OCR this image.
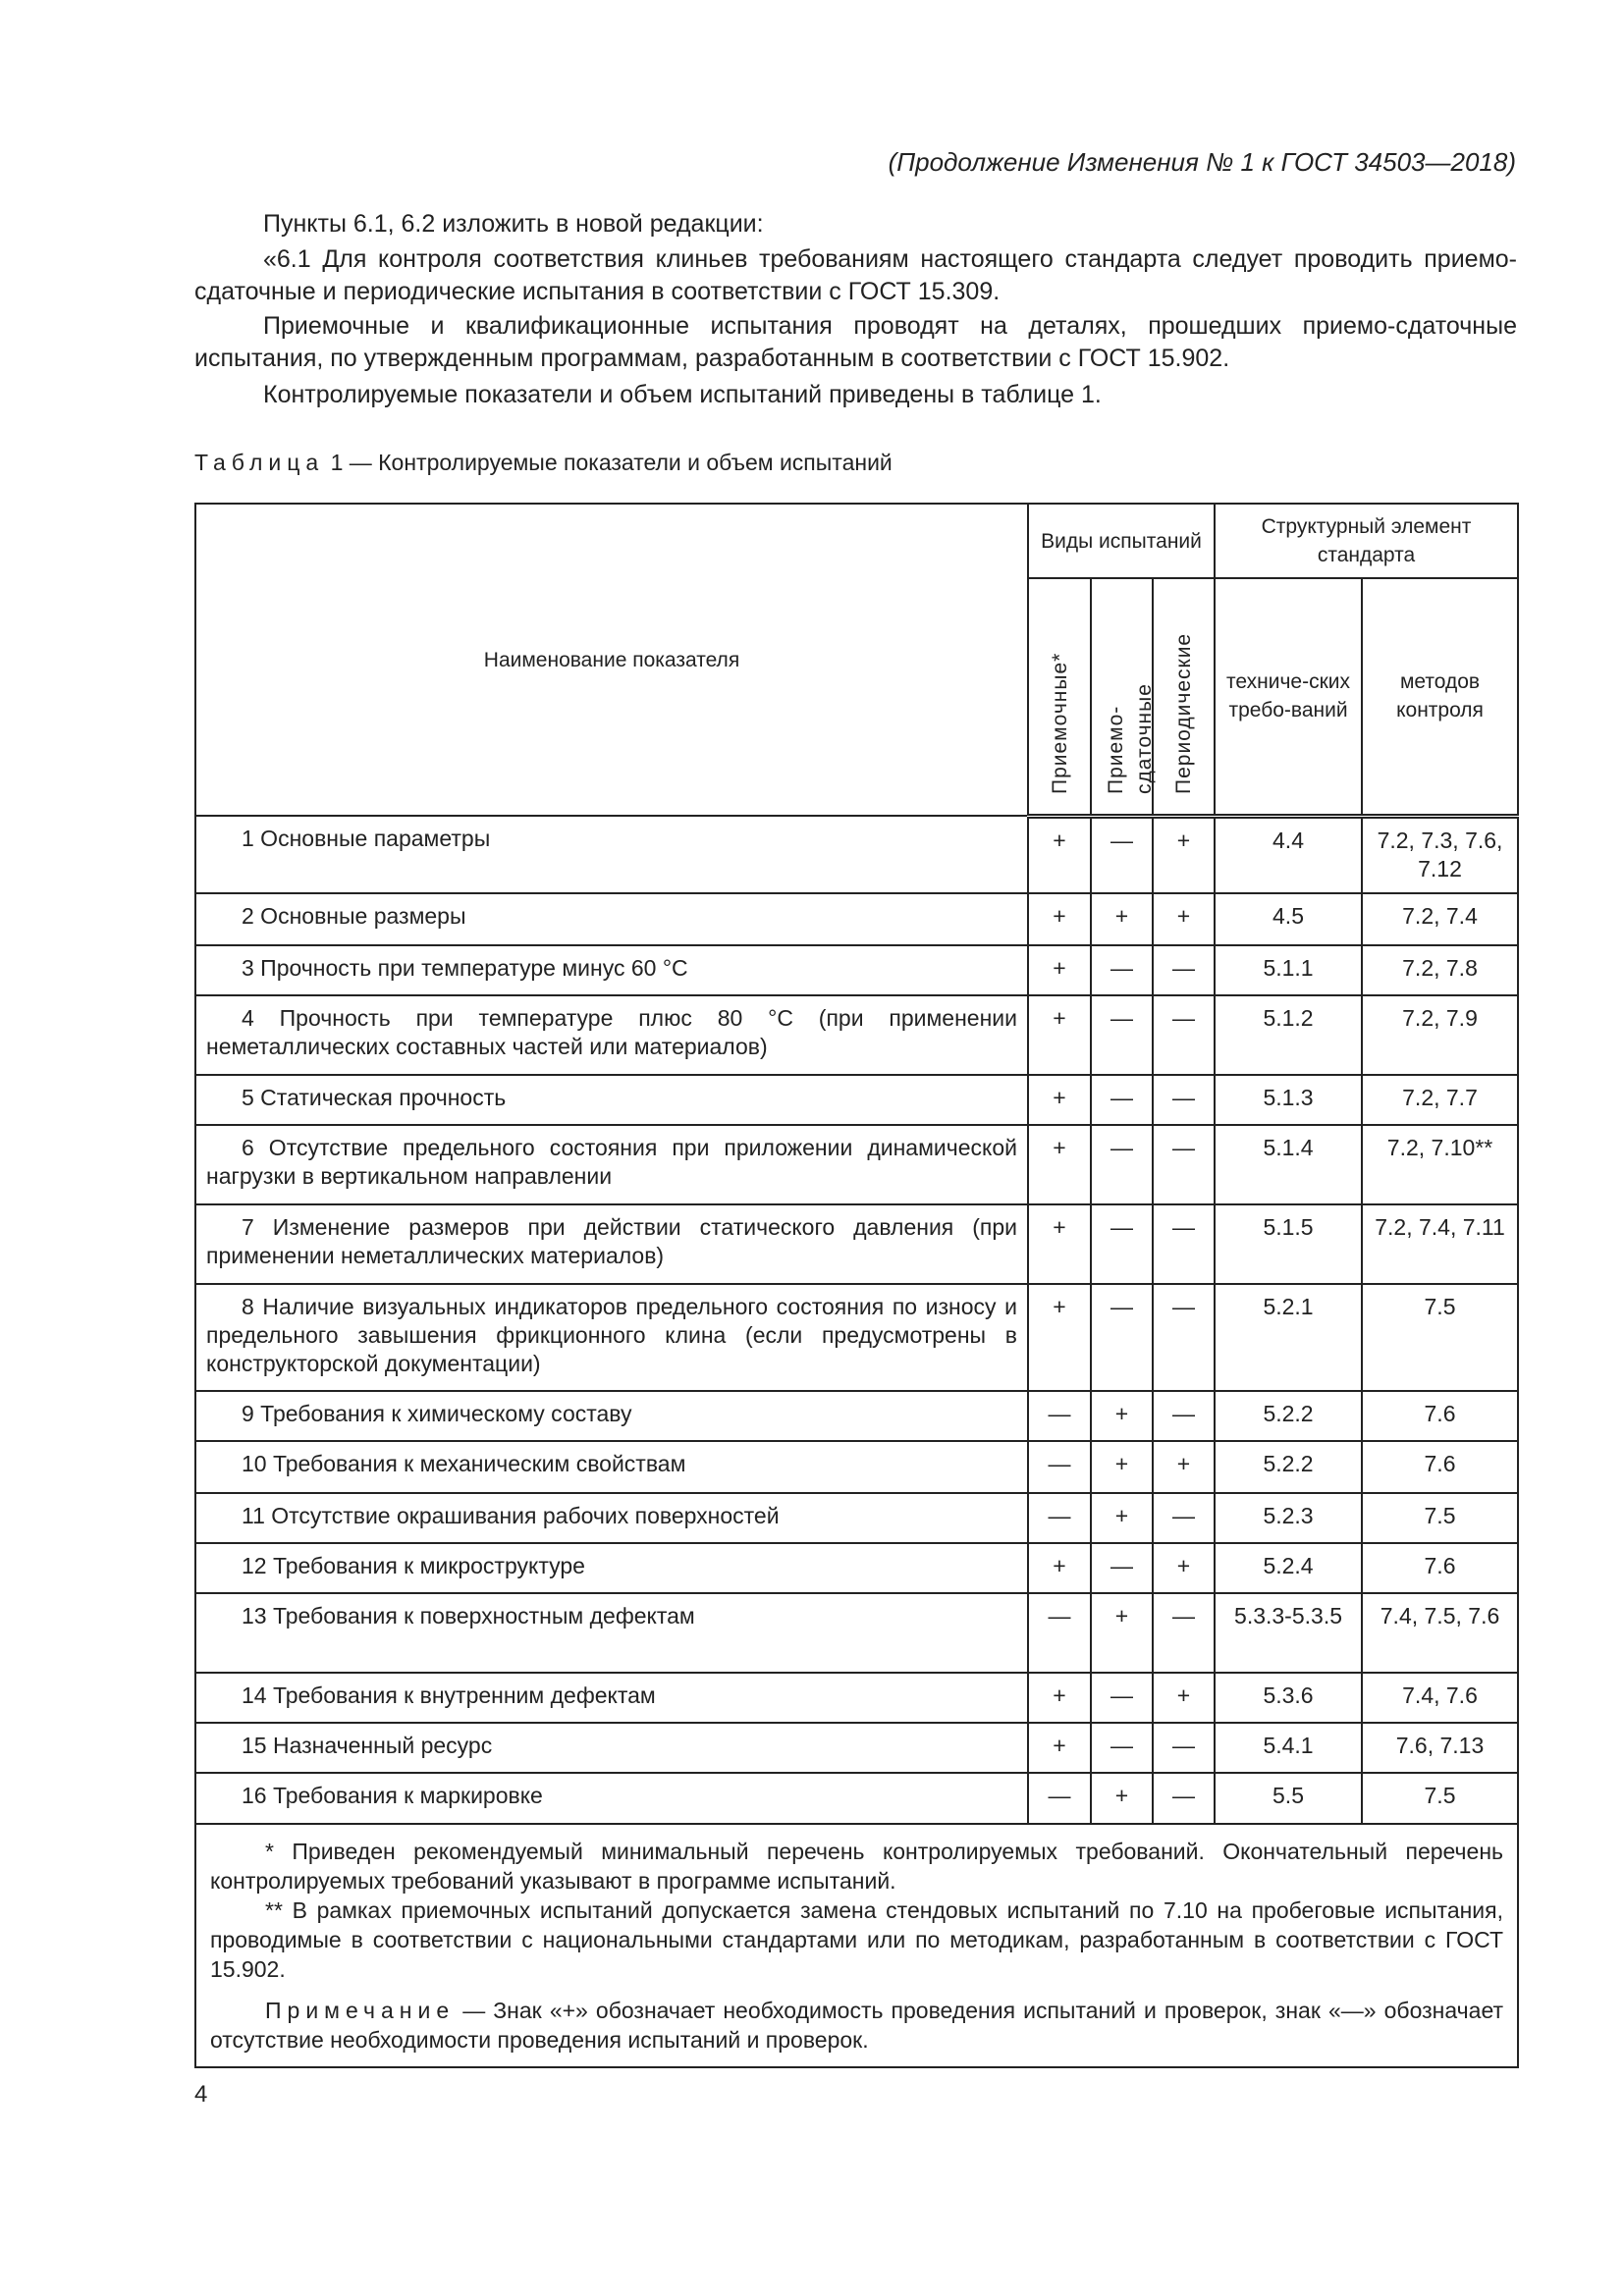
(Продолжение Изменения № 1 к ГОСТ 34503—2018)
Пункты 6.1, 6.2 изложить в новой редакции:
«6.1 Для контроля соответствия клиньев требованиям настоящего стандарта следует проводить приемо-сдаточные и периодические испытания в соответствии с ГОСТ 15.309.
Приемочные и квалификационные испытания проводят на деталях, прошедших приемо-сдаточные испытания, по утвержденным программам, разработанным в соответствии с ГОСТ 15.902.
Контролируемые показатели и объем испытаний приведены в таблице 1.
Таблица 1 — Контролируемые показатели и объем испытаний
Наименование показателя	Виды испытаний			Структурный элемент стандарта	

	Приемочные*	Приемо-сдаточные	Периодические	техниче-ских требо-ваний	методов контроля
1 Основные параметры	+	—	+	4.4	7.2, 7.3, 7.6, 7.12
2 Основные размеры	+	+	+	4.5	7.2, 7.4
3 Прочность при температуре минус 60 °С	+	—	—	5.1.1	7.2, 7.8
4 Прочность при температуре плюс 80 °С (при применении неметаллических составных частей или материалов)	+	—	—	5.1.2	7.2, 7.9
5 Статическая прочность	+	—	—	5.1.3	7.2, 7.7
6 Отсутствие предельного состояния при приложении динамической нагрузки в вертикальном направлении	+	—	—	5.1.4	7.2, 7.10**
7 Изменение размеров при действии статического давления (при применении неметаллических материалов)	+	—	—	5.1.5	7.2, 7.4, 7.11
8 Наличие визуальных индикаторов предельного состояния по износу и предельного завышения фрикционного клина (если предусмотрены в конструкторской документации)	+	—	—	5.2.1	7.5
9 Требования к химическому составу	—	+	—	5.2.2	7.6
10 Требования к механическим свойствам	—	+	+	5.2.2	7.6
11 Отсутствие окрашивания рабочих поверхностей	—	+	—	5.2.3	7.5
12 Требования к микроструктуре	+	—	+	5.2.4	7.6
13 Требования к поверхностным дефектам	—	+	—	5.3.3-5.3.5	7.4, 7.5, 7.6
14 Требования к внутренним дефектам	+	—	+	5.3.6	7.4, 7.6
15 Назначенный ресурс	+	—	—	5.4.1	7.6, 7.13
16 Требования к маркировке	—	+	—	5.5	7.5

* Приведен рекомендуемый минимальный перечень контролируемых требований. Окончательный перечень контролируемых требований указывают в программе испытаний.

** В рамках приемочных испытаний допускается замена стендовых испытаний по 7.10 на пробеговые испытания, проводимые в соответствии с национальными стандартами или по методикам, разработанным в соответствии с ГОСТ 15.902.

Примечание — Знак «+» обозначает необходимость проведения испытаний и проверок, знак «—» обозначает отсутствие необходимости проведения испытаний и проверок.					

4
